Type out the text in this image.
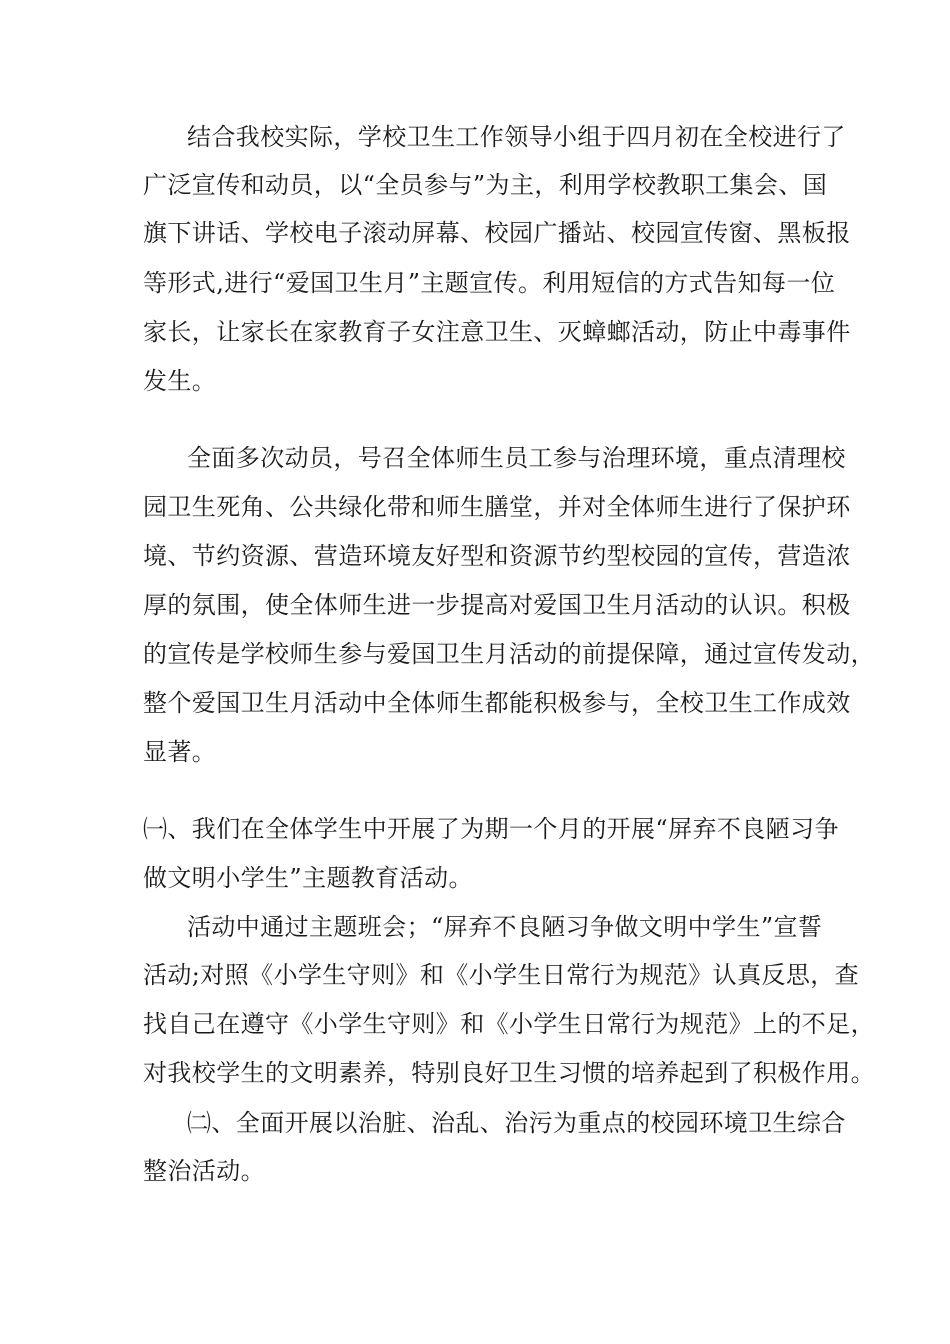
结合我校实际，学校卫生工作领导小组于四月初在全校进行了
广泛宣传和动员，以“全员参与”为主，利用学校教职工集会、国
旗下讲话、学校电子滚动屏幕、校园广播站、校园宣传窗、黑板报
等形式,进行“爱国卫生月”主题宣传。利用短信的方式告知每一位
家长，让家长在家教育子女注意卫生、灭蟑螂活动，防止中毒事件
发生。
全面多次动员，号召全体师生员工参与治理环境，重点清理校
园卫生死角、公共绿化带和师生膳堂，并对全体师生进行了保护环
境、节约资源、营造环境友好型和资源节约型校园的宣传，营造浓
厚的氛围，使全体师生进一步提高对爱国卫生月活动的认识。积极
的宣传是学校师生参与爱国卫生月活动的前提保障，通过宣传发动，
整个爱国卫生月活动中全体师生都能积极参与，全校卫生工作成效
显著。
㈠、我们在全体学生中开展了为期一个月的开展“屏弃不良陋习争
做文明小学生”主题教育活动。
活动中通过主题班会；“屏弃不良陋习争做文明中学生”宣誓
活动;对照《小学生守则》和《小学生日常行为规范》认真反思，查
找自己在遵守《小学生守则》和《小学生日常行为规范》上的不足，
对我校学生的文明素养，特别良好卫生习惯的培养起到了积极作用。
㈡、全面开展以治脏、治乱、治污为重点的校园环境卫生综合
整治活动。
